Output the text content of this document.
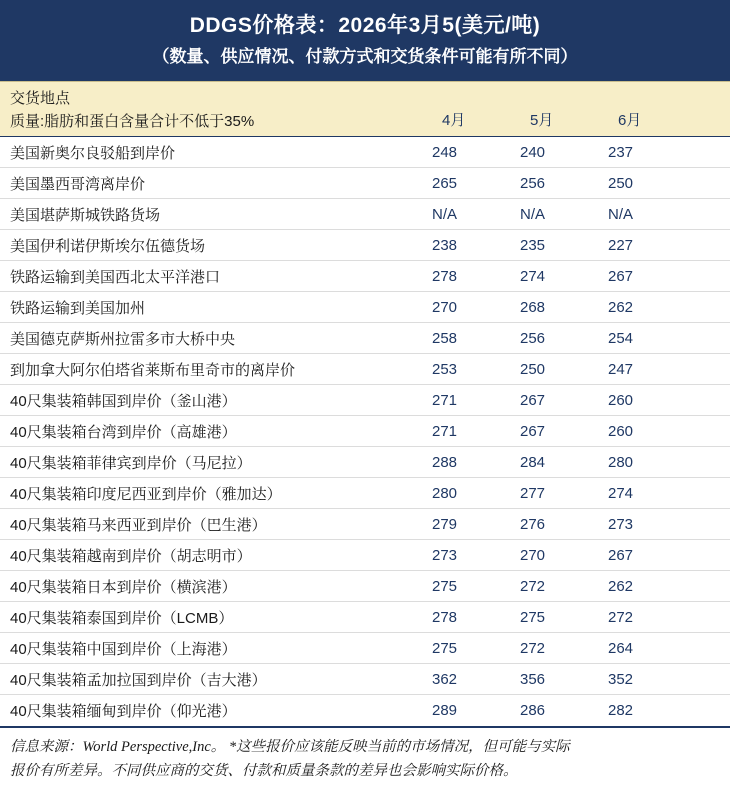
DDGS价格表：2026年3月5(美元/吨)
（数量、供应情况、付款方式和交货条件可能有所不同）
交货地点
质量:脂肪和蛋白含量合计不低于35%	4月	5月	6月
美国新奥尔良驳船到岸价	248	240	237
美国墨西哥湾离岸价	265	256	250
美国堪萨斯城铁路货场	N/A	N/A	N/A
美国伊利诺伊斯埃尔伍德货场	238	235	227
铁路运输到美国西北太平洋港口	278	274	267
铁路运输到美国加州	270	268	262
美国德克萨斯州拉雷多市大桥中央	258	256	254
到加拿大阿尔伯塔省莱斯布里奇市的离岸价	253	250	247
40尺集装箱韩国到岸价（釜山港）	271	267	260
40尺集装箱台湾到岸价（高雄港）	271	267	260
40尺集装箱菲律宾到岸价（马尼拉）	288	284	280
40尺集装箱印度尼西亚到岸价（雅加达）	280	277	274
40尺集装箱马来西亚到岸价（巴生港）	279	276	273
40尺集装箱越南到岸价（胡志明市）	273	270	267
40尺集装箱日本到岸价（横滨港）	275	272	262
40尺集装箱泰国到岸价（LCMB）	278	275	272
40尺集装箱中国到岸价（上海港）	275	272	264
40尺集装箱孟加拉国到岸价（吉大港）	362	356	352
40尺集装箱缅甸到岸价（仰光港）	289	286	282
信息来源：World Perspective,Inc。 *这些报价应该能反映当前的市场情况，但可能与实际
报价有所差异。不同供应商的交货、付款和质量条款的差异也会影响实际价格。
